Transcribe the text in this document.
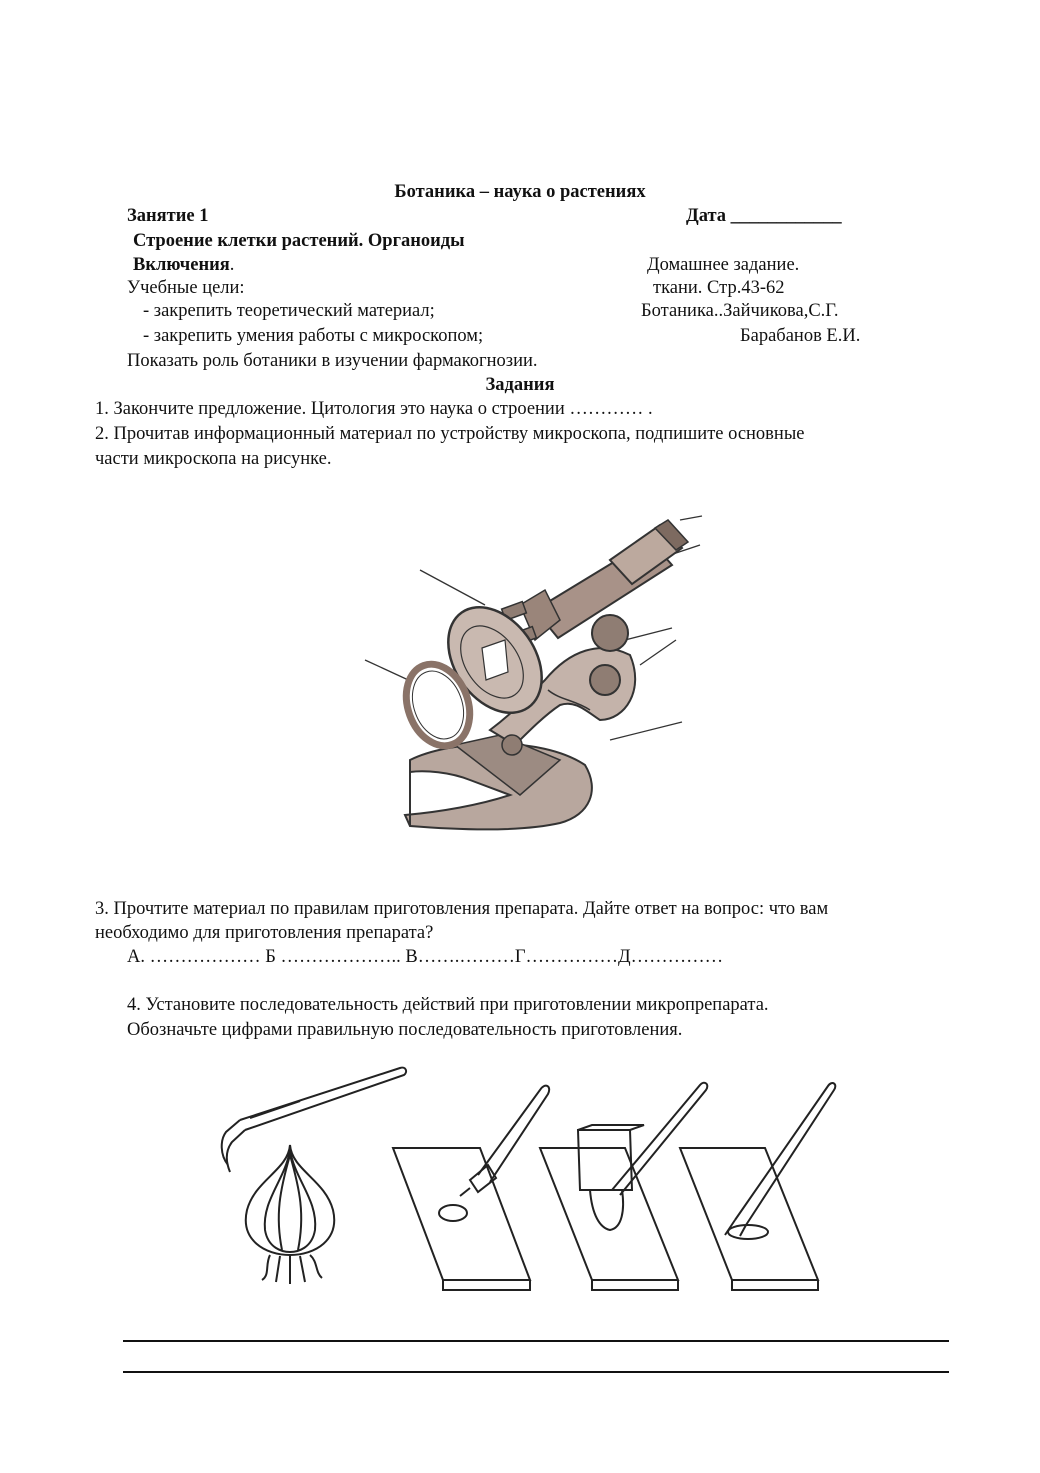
Ботаника – наука о растениях
Занятие 1	Дата ____________
Строение клетки растений. Органоиды
Включения.	Домашнее задание.
ткани. Стр.43-62
Ботаника..Зайчикова,С.Г.
Барабанов Е.И.
Учебные цели:
- закрепить теоретический материал;
- закрепить умения работы с микроскопом;
Показать роль ботаники в изучении фармакогнозии.
Задания
1. Закончите предложение. Цитология это наука о строении ………… .
2. Прочитав информационный материал по устройству микроскопа, подпишите основные
части микроскопа на рисунке.
3. Прочтите материал по правилам приготовления препарата. Дайте ответ на вопрос: что вам
необходимо для приготовления препарата?
А. ……………… Б ……………….. В…….………Г……………Д……………
4. Установите последовательность действий при приготовлении микропрепарата.
Обозначьте цифрами правильную последовательность приготовления.
